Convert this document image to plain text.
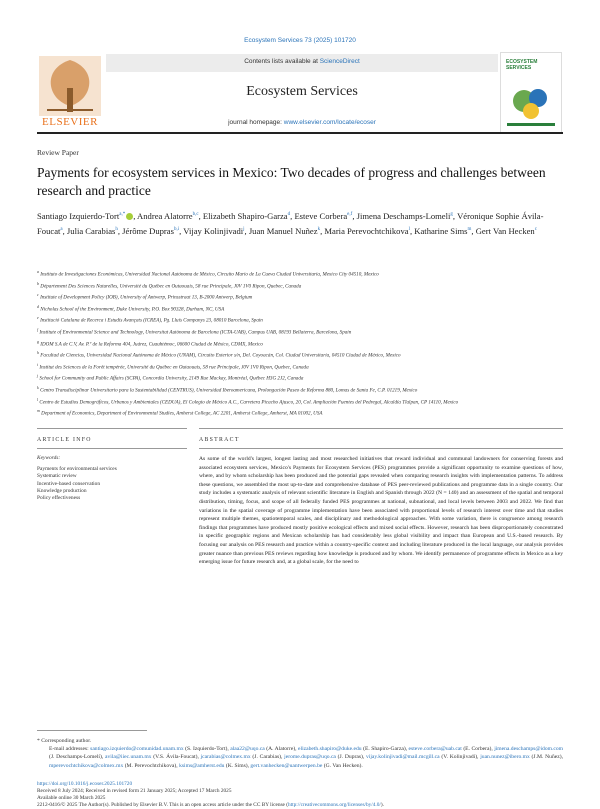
Ecosystem Services 73 (2025) 101720
ELSEVIER
Contents lists available at ScienceDirect
Ecosystem Services
journal homepage: www.elsevier.com/locate/ecoser
ECOSYSTEM SERVICES
Review Paper
Payments for ecosystem services in Mexico: Two decades of progress and challenges between research and practice
Santiago Izquierdo-Tort$^{a,*}$ , Andrea Alatorre$^{b,c}$, Elizabeth Shapiro-Garza$^d$, Esteve Corbera$^{e,f}$, Jimena Deschamps-Lomeli$^g$, Véronique Sophie Ávila-Foucat$^a$, Julia Carabias$^h$, Jérôme Dupras$^{b,i}$, Vijay Kolinjivadi$^j$, Juan Manuel Nuñez$^k$, Maria Perevochtchikova$^l$, Katharine Sims$^m$, Gert Van Hecken$^c$
$^a$ Instituto de Investigaciones Económicas, Universidad Nacional Autónoma de México, Circuito Mario de La Cueva Ciudad Universitaria, Mexico City 04510, Mexico
$^b$ Département Des Sciences Naturelles, Université du Québec en Outaouais, 58 rue Principale, J0V 1V0 Ripon, Quebec, Canada
$^c$ Institute of Development Policy (IOB), University of Antwerp, Prinsstraat 13, B-2000 Antwerp, Belgium
$^d$ Nicholas School of the Environment, Duke University, P.O. Box 90328, Durham, NC, USA
$^e$ Institució Catalana de Recerca i Estudis Avançats (ICREA), Pg. Lluís Companys 23, 08010 Barcelona, Spain
$^f$ Institute of Environmental Science and Technology, Universitat Autònoma de Barcelona (ICTA-UAB), Campus UAB, 08193 Bellaterra, Barcelona, Spain
$^g$ IDOM S.A de C.V, Av. P.º de la Reforma 404, Juárez, Cuauhtémoc, 06600 Ciudad de México, CDMX, Mexico
$^h$ Facultad de Ciencias, Universidad Nacional Autónoma de México (UNAM), Circuito Exterior s/n, Del. Coyoacán, Col. Ciudad Universitaria, 04510 Ciudad de México, Mexico
$^i$ Institut des Sciences de la Forêt tempérée, Université du Québec en Outaouais, 58 rue Principale, J0V 1V0 Ripon, Quebec, Canada
$^j$ School for Community and Public Affairs (SCPA), Concordia University, 2149 Rue Mackay, Montréal, Québec H3G 2J2, Canada
$^k$ Centro Transdisciplinar Universitario para la Sustentabilidad (CENTRUS), Universidad Iberoamericana, Prolongación Paseo de Reforma 880, Lomas de Santa Fe, C.P. 01219, Mexico
$^l$ Centro de Estudios Demográficos, Urbanos y Ambientales (CEDUA), El Colegio de México A.C., Carretera Picacho Ajusco, 20, Col. Ampliación Fuentes del Pedregal, Alcaldía Tlalpan, CP 14110, Mexico
$^m$ Department of Economics, Department of Environmental Studies, Amherst College, AC 2201, Amherst College, Amherst, MA 01002, USA
ARTICLE INFO	ABSTRACT
Keywords:
Payments for environmental services
Systematic review
Incentive-based conservation
Knowledge production
Policy effectiveness
As some of the world's largest, longest lasting and most researched initiatives that reward individual and communal landowners for conserving forests and associated ecosystem services, Mexico's Payments for Ecosystem Services (PES) programmes provide a significant opportunity to examine questions of how, where, and by whom scholarship has been produced and the potential gaps revealed when comparing research insights with implementation patterns. To address these questions, we assembled the most up-to-date and comprehensive database of PES peer-reviewed publications and programme data in a single country. Our study includes a systematic analysis of relevant scientific literature in English and Spanish through 2022 (N = 140) and an assessment of the spatial and temporal distribution, timing, focus, and scope of all federally funded PES programmes at national, subnational, and local levels between 2003 and 2022. We find that variations in the spatial coverage of programme implementation have been associated with proportional levels of research interest over time and that studies represent multiple themes, spatiotemporal scales, and disciplinary and methodological approaches. With some variation, there is congruence among research findings that programmes have produced mostly positive ecological effects and mixed social effects. However, research has been disproportionately concentrated in specific geographic regions and Mexican scholarship has had considerably less global visibility and impact than European and U.S.-based research. By focusing our analysis on PES research and practice within a country-specific context and including literature produced in the local language, our analysis provides greater nuance than previous PES reviews regarding how knowledge is produced and by whom. We identify permanence of programme effects in Mexico as a key emerging issue for future research and, at a global scale, for the need to
* Corresponding author.
E-mail addresses: santiago.izquierdo@comunidad.unam.mx (S. Izquierdo-Tort), alaa22@uqo.ca (A. Alatorre), elizabeth.shapiro@duke.edu (E. Shapiro-Garza), esteve.corbera@uab.cat (E. Corbera), jimena.deschamps@idom.com (J. Deschamps-Lomelí), avila@iiec.unam.mx (V.S. Ávila-Foucat), jcarabias@colmex.mx (J. Carabias), jerome.dupras@uqo.ca (J. Dupras), vijay.kolinjivadi@mail.mcgill.ca (V. Kolinjivadi), juan.nunez@ibero.mx (J.M. Nuñez), mperevochtchikova@colmex.mx (M. Perevochtchikova), ksims@amherst.edu (K. Sims), gert.vanhecken@uantwerpen.be (G. Van Hecken).
https://doi.org/10.1016/j.ecoser.2025.101720
Received 8 July 2024; Received in revised form 21 January 2025; Accepted 17 March 2025
Available online 30 March 2025
2212-0416/© 2025 The Author(s). Published by Elsevier B.V. This is an open access article under the CC BY license (http://creativecommons.org/licenses/by/4.0/).
